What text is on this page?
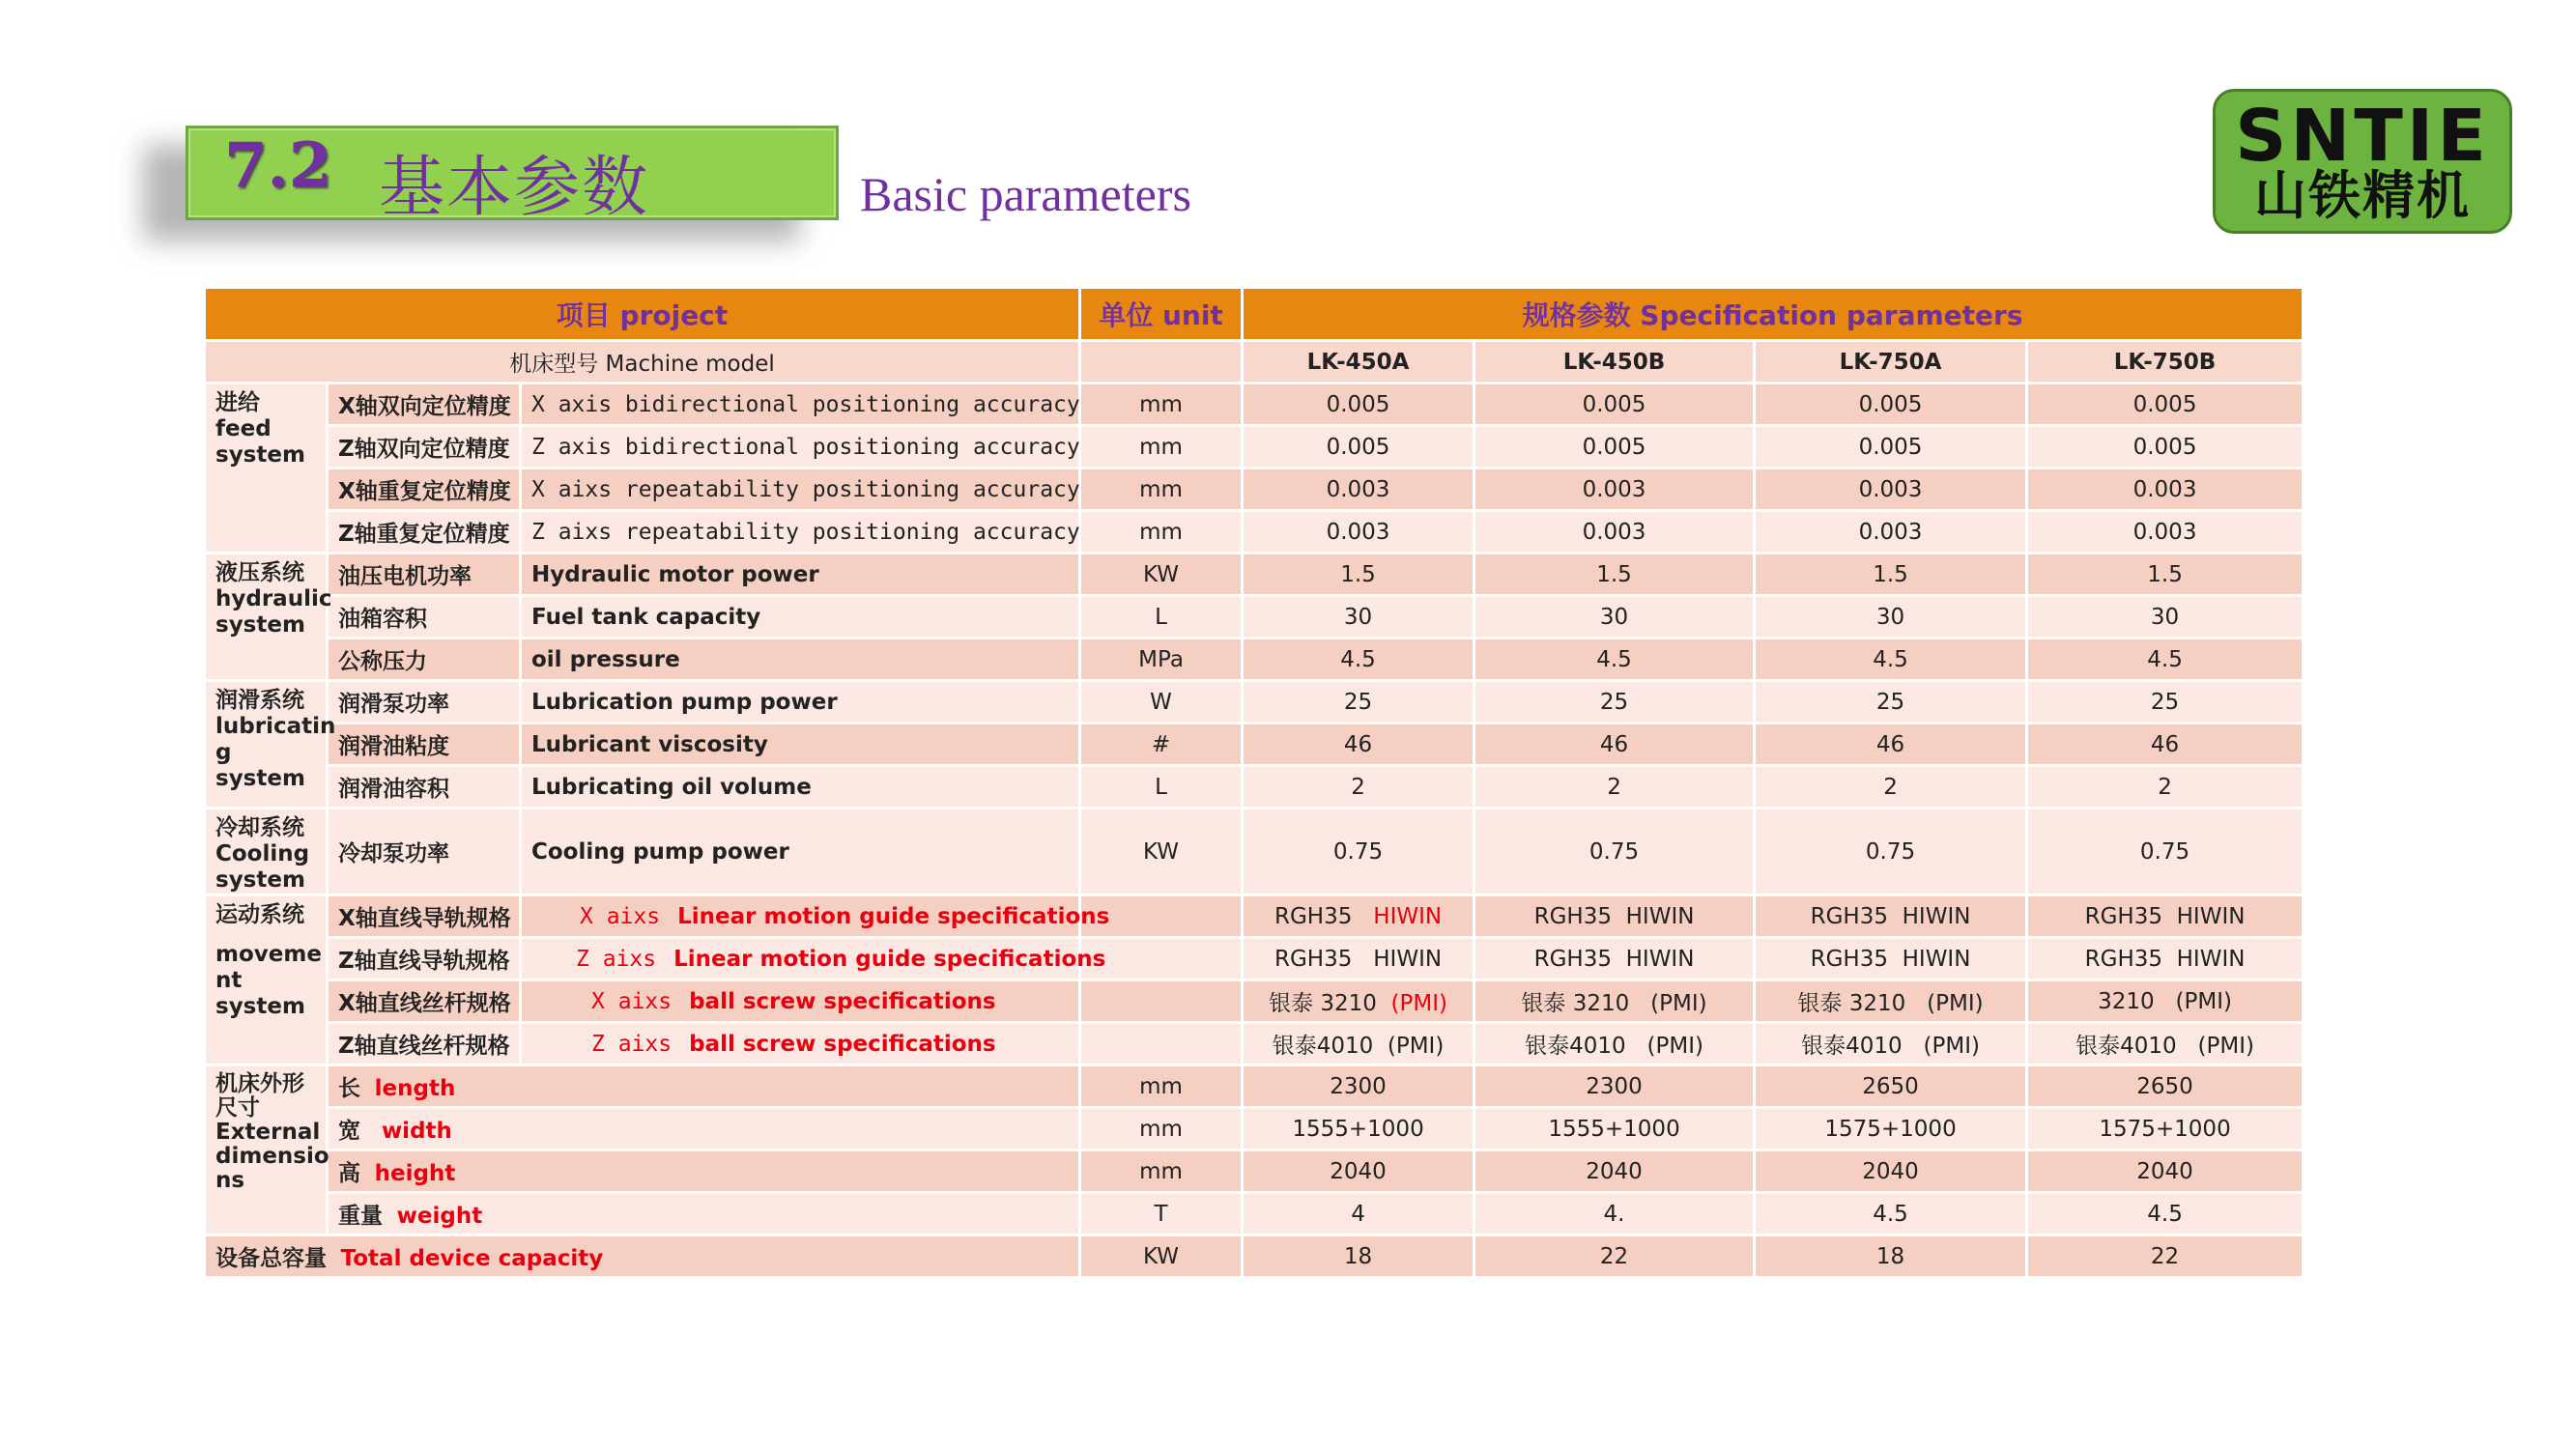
7.2 基本参数	Basic parameters
SNTIE
山铁精机
项目 project			单位 unit	规格参数 Specification parameters			
机床型号 Machine model				LK-450A	LK-450B	LK-750A	LK-750B
进给
feed
system	X轴双向定位精度	X axis bidirectional positioning accuracy	mm	0.005	0.005	0.005	0.005
	Z轴双向定位精度	Z axis bidirectional positioning accuracy	mm	0.005	0.005	0.005	0.005
	X轴重复定位精度	X aixs repeatability positioning accuracy	mm	0.003	0.003	0.003	0.003
	Z轴重复定位精度	Z aixs repeatability positioning accuracy	mm	0.003	0.003	0.003	0.003
液压系统
hydraulic
system	油压电机功率	Hydraulic motor power	KW	1.5	1.5	1.5	1.5
	油箱容积	Fuel tank capacity	L	30	30	30	30
	公称压力	oil pressure	MPa	4.5	4.5	4.5	4.5
润滑系统
lubricatin
g system	润滑泵功率	Lubrication pump power	W	25	25	25	25
	润滑油粘度	Lubricant viscosity	#	46	46	46	46
	润滑油容积	Lubricating oil volume	L	2	2	2	2
冷却系统
Cooling
system	冷却泵功率	Cooling pump power	KW	0.75	0.75	0.75	0.75

运动系统
moveme
nt system	X轴直线导轨规格	X aixs Linear motion guide specifications		RGH35 HIWIN	RGH35 HIWIN	RGH35 HIWIN	RGH35 HIWIN
	Z轴直线导轨规格	Z aixs Linear motion guide specifications		RGH35   HIWIN	RGH35  HIWIN	RGH35  HIWIN	RGH35  HIWIN
	X轴直线丝杆规格	X aixs ball screw specifications		银泰 3210 (PMI)	银泰 3210   (PMI)	银泰 3210   (PMI)	3210   (PMI)
	Z轴直线丝杆规格	Z aixs ball screw specifications		银泰4010  (PMI)	银泰4010   (PMI)	银泰4010   (PMI)	银泰4010   (PMI)
机床外形
尺寸
External
dimensio
ns	长 length		mm	2300	2300	2650	2650
	宽 width		mm	1555+1000	1555+1000	1575+1000	1575+1000
	高 height		mm	2040	2040	2040	2040
	重量 weight		T	4	4.	4.5	4.5
设备总容量 Total device capacity			KW	18	22	18	22
